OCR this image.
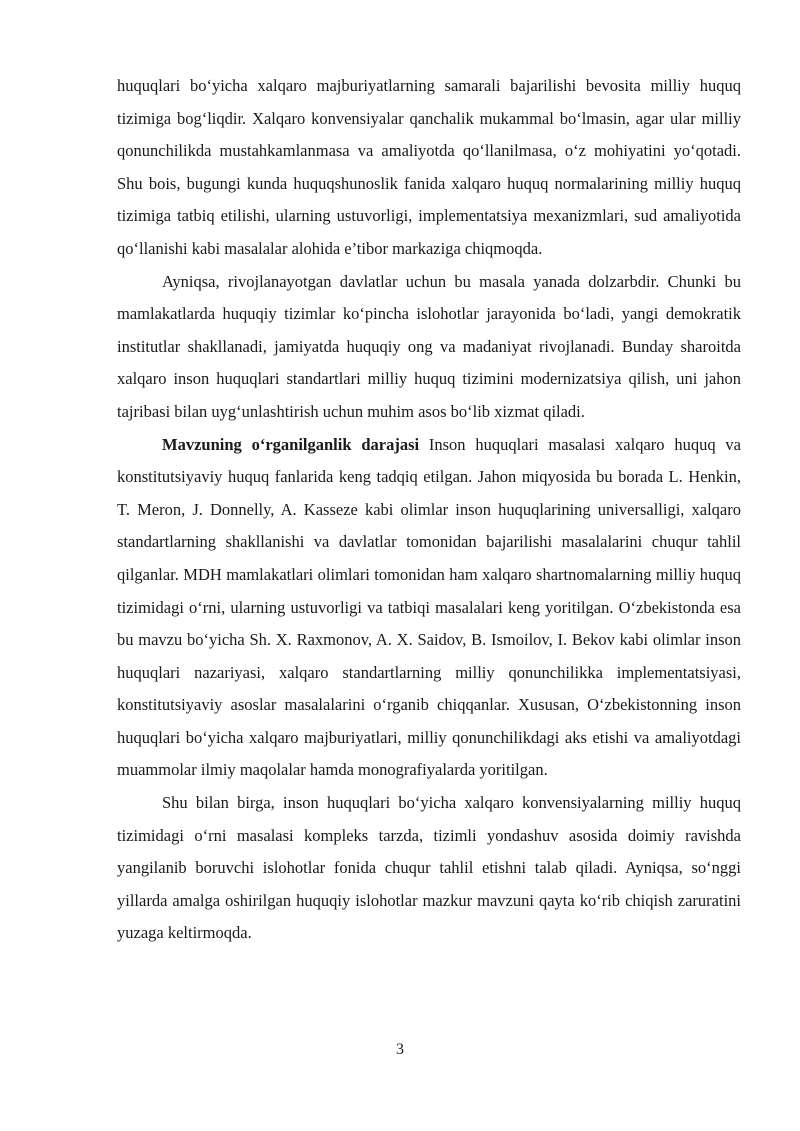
huquqlari bo‘yicha xalqaro majburiyatlarning samarali bajarilishi bevosita milliy huquq tizimiga bog‘liqdir. Xalqaro konvensiyalar qanchalik mukammal bo‘lmasin, agar ular milliy qonunchilikda mustahkamlanmasa va amaliyotda qo‘llanilmasa, o‘z mohiyatini yo‘qotadi. Shu bois, bugungi kunda huquqshunoslik fanida xalqaro huquq normalarining milliy huquq tizimiga tatbiq etilishi, ularning ustuvorligi, implementatsiya mexanizmlari, sud amaliyotida qo‘llanishi kabi masalalar alohida e’tibor markaziga chiqmoqda.

Ayniqsa, rivojlanayotgan davlatlar uchun bu masala yanada dolzarbdir. Chunki bu mamlakatlarda huquqiy tizimlar ko‘pincha islohotlar jarayonida bo‘ladi, yangi demokratik institutlar shakllanadi, jamiyatda huquqiy ong va madaniyat rivojlanadi. Bunday sharoitda xalqaro inson huquqlari standartlari milliy huquq tizimini modernizatsiya qilish, uni jahon tajribasi bilan uyg‘unlashtirish uchun muhim asos bo‘lib xizmat qiladi.

Mavzuning o‘rganilganlik darajasi Inson huquqlari masalasi xalqaro huquq va konstitutsiyaviy huquq fanlarida keng tadqiq etilgan. Jahon miqyosida bu borada L. Henkin, T. Meron, J. Donnelly, A. Kasseze kabi olimlar inson huquqlarining universalligi, xalqaro standartlarning shakllanishi va davlatlar tomonidan bajarilishi masalalarini chuqur tahlil qilganlar. MDH mamlakatlari olimlari tomonidan ham xalqaro shartnomalarning milliy huquq tizimidagi o‘rni, ularning ustuvorligi va tatbiqi masalalari keng yoritilgan. O‘zbekistonda esa bu mavzu bo‘yicha Sh. X. Raxmonov, A. X. Saidov, B. Ismoilov, I. Bekov kabi olimlar inson huquqlari nazariyasi, xalqaro standartlarning milliy qonunchilikka implementatsiyasi, konstitutsiyaviy asoslar masalalarini o‘rganib chiqqanlar. Xususan, O‘zbekistonning inson huquqlari bo‘yicha xalqaro majburiyatlari, milliy qonunchilikdagi aks etishi va amaliyotdagi muammolar ilmiy maqolalar hamda monografiyalarda yoritilgan.

Shu bilan birga, inson huquqlari bo‘yicha xalqaro konvensiyalarning milliy huquq tizimidagi o‘rni masalasi kompleks tarzda, tizimli yondashuv asosida doimiy ravishda yangilanib boruvchi islohotlar fonida chuqur tahlil etishni talab qiladi. Ayniqsa, so‘nggi yillarda amalga oshirilgan huquqiy islohotlar mazkur mavzuni qayta ko‘rib chiqish zaruratini yuzaga keltirmoqda.

3
